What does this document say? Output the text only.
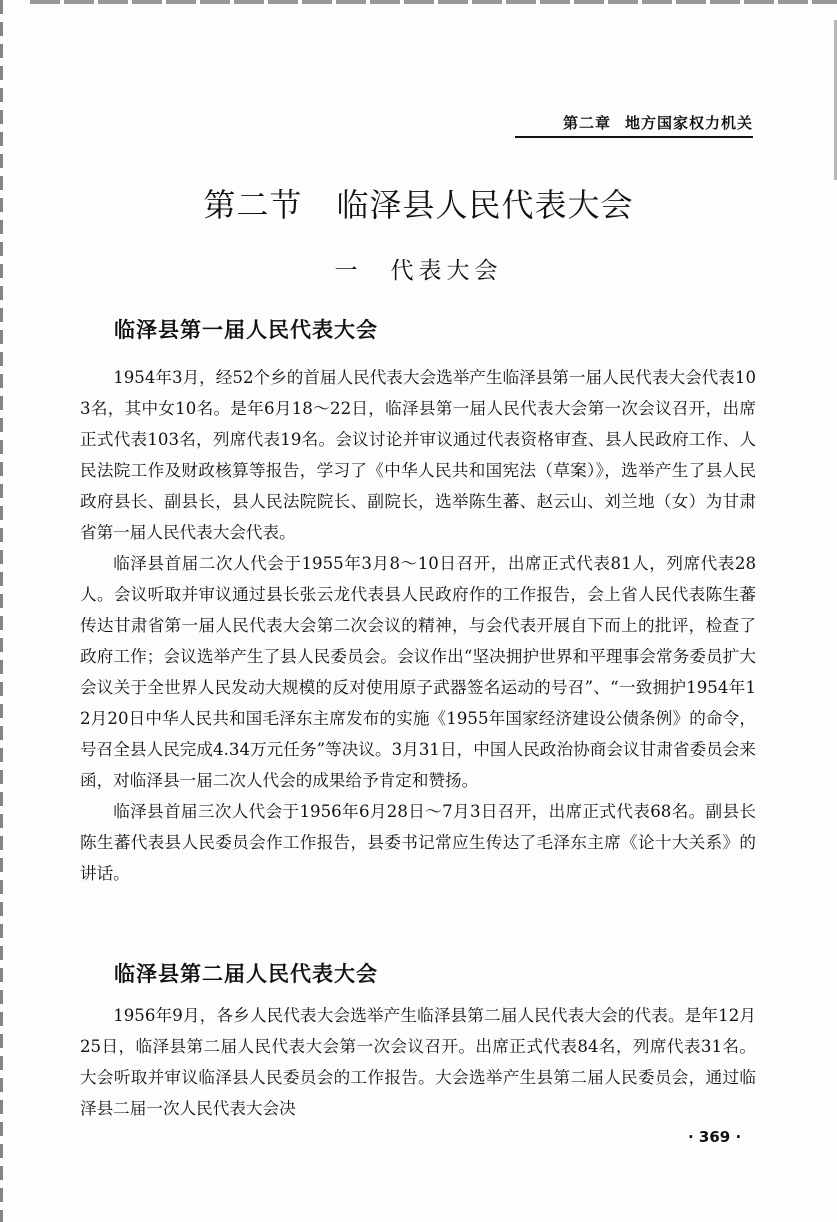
第二章 地方国家权力机关
第二节 临泽县人民代表大会
一 代表大会
临泽县第一届人民代表大会

1954年3月，经52个乡的首届人民代表大会选举产生临泽县第一届人民代表大会代表103名，其中女10名。是年6月18～22日，临泽县第一届人民代表大会第一次会议召开，出席正式代表103名，列席代表19名。会议讨论并审议通过代表资格审查、县人民政府工作、人民法院工作及财政核算等报告，学习了《中华人民共和国宪法（草案）》，选举产生了县人民政府县长、副县长，县人民法院院长、副院长，选举陈生蕃、赵云山、刘兰地（女）为甘肃省第一届人民代表大会代表。

临泽县首届二次人代会于1955年3月8～10日召开，出席正式代表81人，列席代表28人。会议听取并审议通过县长张云龙代表县人民政府作的工作报告，会上省人民代表陈生蕃传达甘肃省第一届人民代表大会第二次会议的精神，与会代表开展自下而上的批评，检查了政府工作；会议选举产生了县人民委员会。会议作出“坚决拥护世界和平理事会常务委员扩大会议关于全世界人民发动大规模的反对使用原子武器签名运动的号召”、“一致拥护1954年12月20日中华人民共和国毛泽东主席发布的实施《1955年国家经济建设公债条例》的命令，号召全县人民完成4.34万元任务”等决议。3月31日，中国人民政治协商会议甘肃省委员会来函，对临泽县一届二次人代会的成果给予肯定和赞扬。

临泽县首届三次人代会于1956年6月28日～7月3日召开，出席正式代表68名。副县长陈生蕃代表县人民委员会作工作报告，县委书记常应生传达了毛泽东主席《论十大关系》的讲话。

临泽县第二届人民代表大会

1956年9月，各乡人民代表大会选举产生临泽县第二届人民代表大会的代表。是年12月25日，临泽县第二届人民代表大会第一次会议召开。出席正式代表84名，列席代表31名。大会听取并审议临泽县人民委员会的工作报告。大会选举产生县第二届人民委员会，通过临泽县二届一次人民代表大会决

· 369 ·
